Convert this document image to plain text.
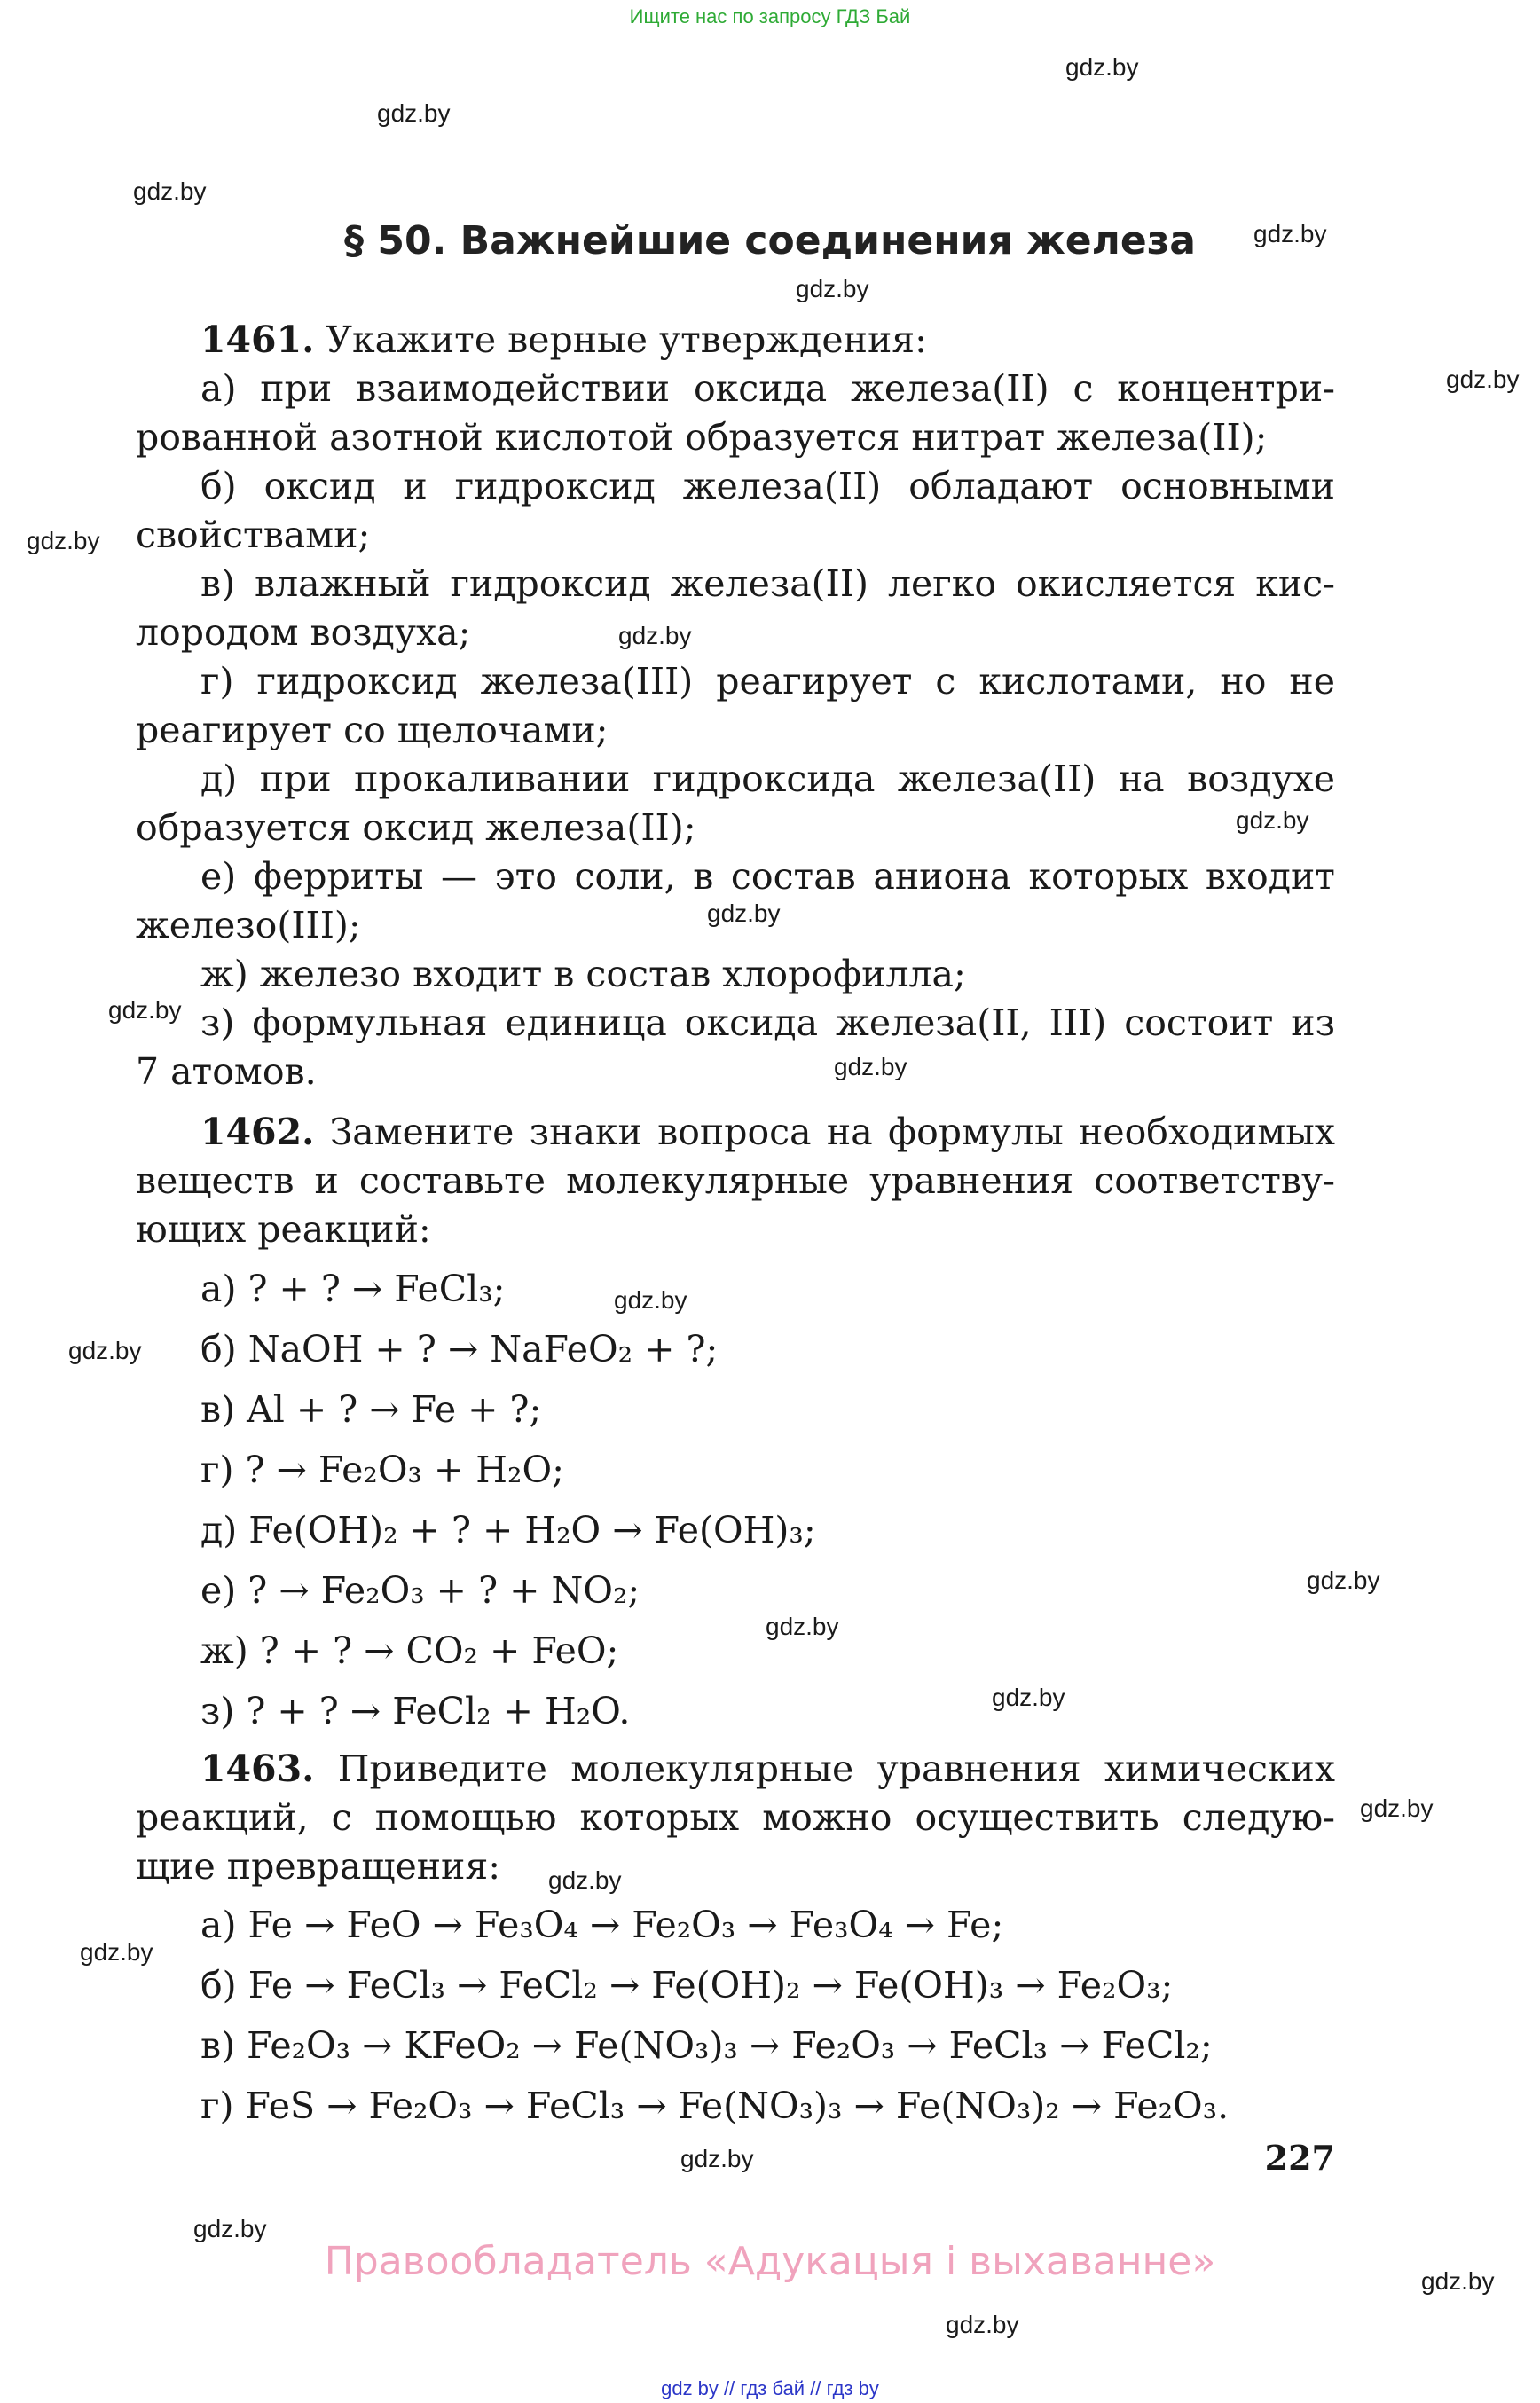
Ищите нас по запросу ГДЗ Бай
gdz.by
gdz.by
gdz.by
gdz.by
gdz.by
gdz.by
gdz.by
gdz.by
gdz.by
gdz.by
gdz.by
gdz.by
gdz.by
gdz.by
gdz.by
gdz.by
gdz.by
gdz.by
gdz.by
gdz.by
gdz.by
gdz.by
gdz.by
gdz.by
§ 50. Важнейшие соединения железа
1461. Укажите верные утверждения:
а) при взаимодействии оксида железа(II) с концентри-
рованной азотной кислотой образуется нитрат железа(II);
б) оксид и гидроксид железа(II) обладают основными
свойствами;
в) влажный гидроксид железа(II) легко окисляется кис-
лородом воздуха;
г) гидроксид железа(III) реагирует с кислотами, но не
реагирует со щелочами;
д) при прокаливании гидроксида железа(II) на воздухе
образуется оксид железа(II);
е) ферриты — это соли, в состав аниона которых входит
железо(III);
ж) железо входит в состав хлорофилла;
з) формульная единица оксида железа(II, III) состоит из
7 атомов.
1462. Замените знаки вопроса на формулы необходимых
веществ и составьте молекулярные уравнения соответству-
ющих реакций:
а) ? + ? → FeCl₃;
б) NaOH + ? → NaFeO₂ + ?;
в) Al + ? → Fe + ?;
г) ? → Fe₂O₃ + H₂O;
д) Fe(OH)₂ + ? + H₂O → Fe(OH)₃;
е) ? → Fe₂O₃ + ? + NO₂;
ж) ? + ? → CO₂ + FeO;
з) ? + ? → FeCl₂ + H₂O.
1463. Приведите молекулярные уравнения химических
реакций, с помощью которых можно осуществить следую-
щие превращения:
а) Fe → FeO → Fe₃O₄ → Fe₂O₃ → Fe₃O₄ → Fe;
б) Fe → FeCl₃ → FeCl₂ → Fe(OH)₂ → Fe(OH)₃ → Fe₂O₃;
в) Fe₂O₃ → KFeO₂ → Fe(NO₃)₃ → Fe₂O₃ → FeCl₃ → FeCl₂;
г) FeS → Fe₂O₃ → FeCl₃ → Fe(NO₃)₃ → Fe(NO₃)₂ → Fe₂O₃.
227
Правообладатель «Адукацыя і выхаванне»
gdz by // гдз бай // гдз by
